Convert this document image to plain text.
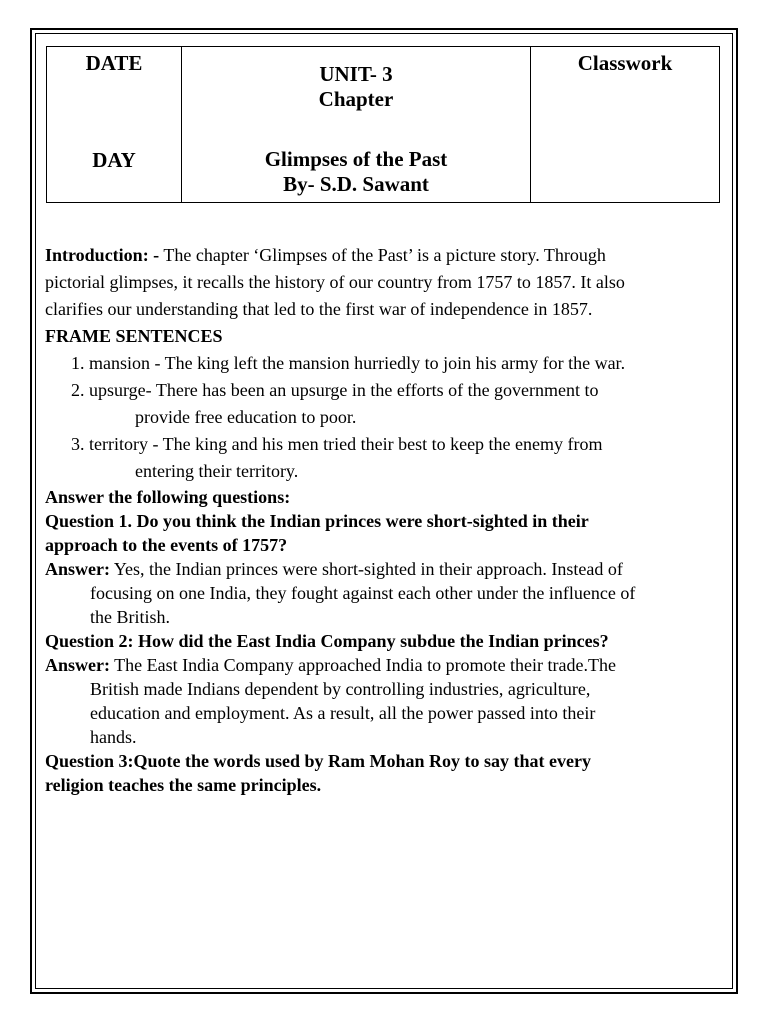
DATE
DAY

UNIT- 3
Chapter
Glimpses of the Past
By- S.D. Sawant

Classwork

Introduction: - The chapter ‘Glimpses of the Past’ is a picture story. Through
pictorial glimpses, it recalls the history of our country from 1757 to 1857. It also
clarifies our understanding that led to the first war of independence in 1857.

FRAME SENTENCES

1. mansion - The king left the mansion hurriedly to join his army for the war.
2. upsurge- There has been an upsurge in the efforts of the government to
provide free education to poor.
3. territory - The king and his men tried their best to keep the enemy from
entering their territory.

Answer the following questions:

Question 1. Do you think the Indian princes were short-sighted in their
approach to the events of 1757?

Answer: Yes, the Indian princes were short-sighted in their approach. Instead of
focusing on one India, they fought against each other under the influence of
the British.

Question 2: How did the East India Company subdue the Indian princes?

Answer: The East India Company approached India to promote their trade.The
British made Indians dependent by controlling industries, agriculture,
education and employment. As a result, all the power passed into their
hands.

Question 3:Quote the words used by Ram Mohan Roy to say that every
religion teaches the same principles.
